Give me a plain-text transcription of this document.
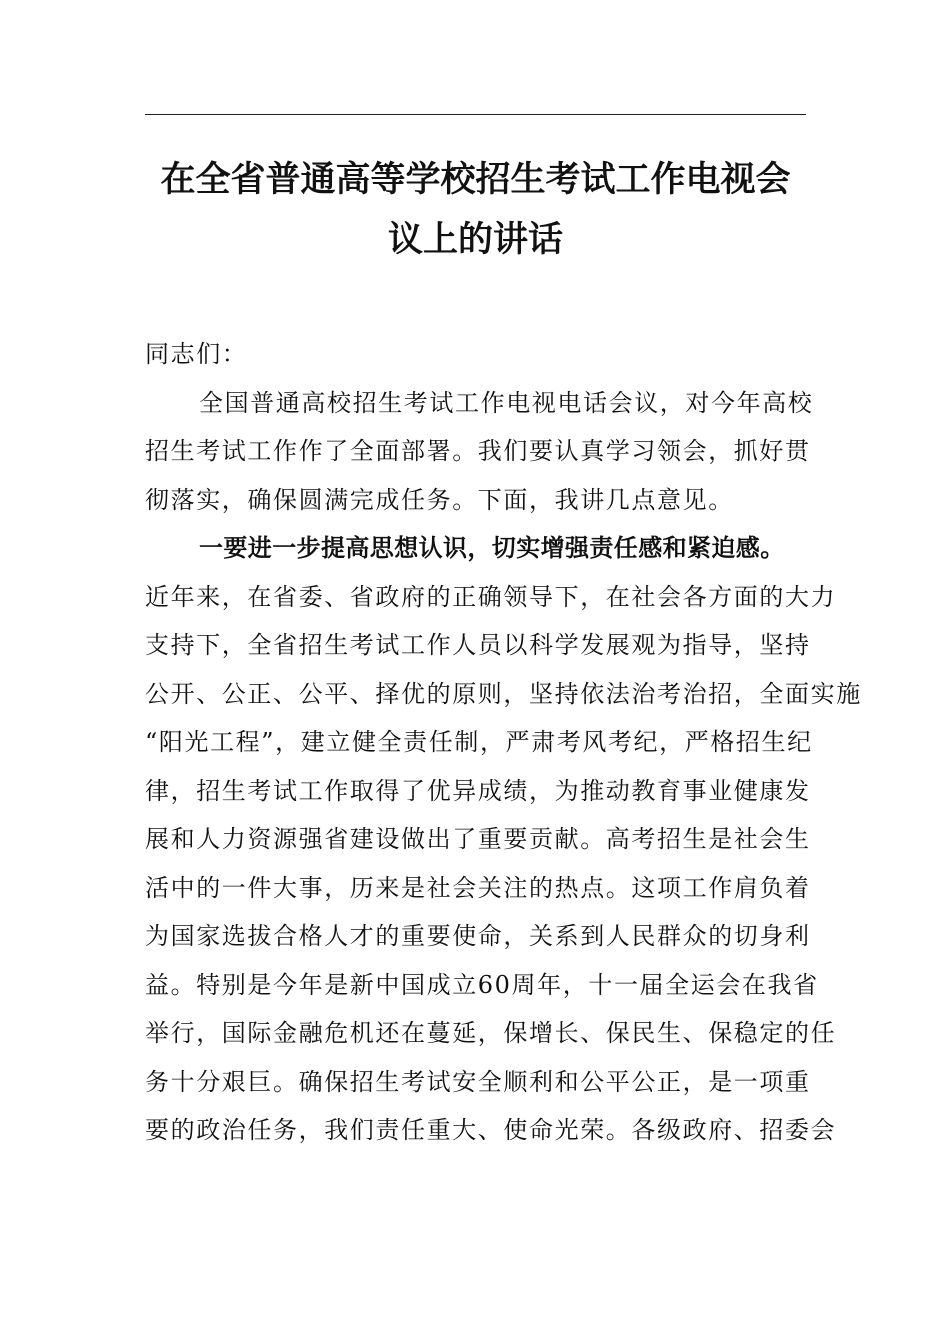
在全省普通高等学校招生考试工作电视会
议上的讲话
同志们：
全国普通高校招生考试工作电视电话会议，对今年高校
招生考试工作作了全面部署。我们要认真学习领会，抓好贯
彻落实，确保圆满完成任务。下面，我讲几点意见。
一要进一步提高思想认识，切实增强责任感和紧迫感。
近年来，在省委、省政府的正确领导下，在社会各方面的大力
支持下，全省招生考试工作人员以科学发展观为指导，坚持
公开、公正、公平、择优的原则，坚持依法治考治招，全面实施
“阳光工程”，建立健全责任制，严肃考风考纪，严格招生纪
律，招生考试工作取得了优异成绩，为推动教育事业健康发
展和人力资源强省建设做出了重要贡献。高考招生是社会生
活中的一件大事，历来是社会关注的热点。这项工作肩负着
为国家选拔合格人才的重要使命，关系到人民群众的切身利
益。特别是今年是新中国成立60周年，十一届全运会在我省
举行，国际金融危机还在蔓延，保增长、保民生、保稳定的任
务十分艰巨。确保招生考试安全顺利和公平公正，是一项重
要的政治任务，我们责任重大、使命光荣。各级政府、招委会
